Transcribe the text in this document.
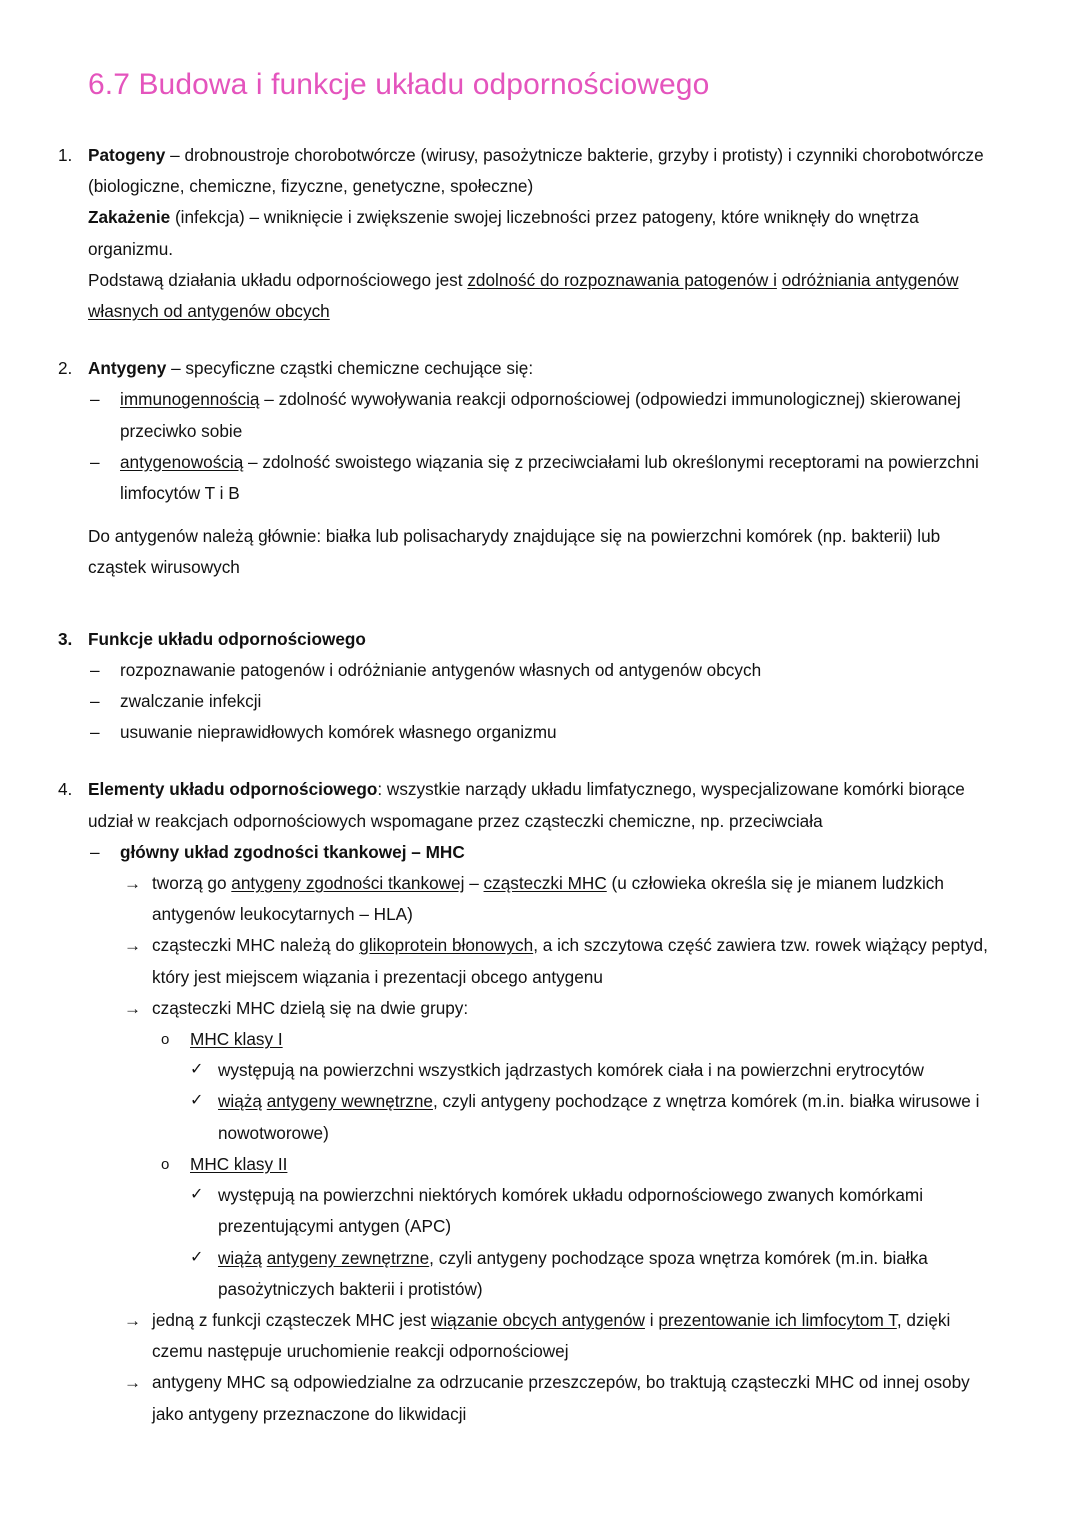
6.7 Budowa i funkcje układu odpornościowego
1. Patogeny – drobnoustroje chorobotwórcze (wirusy, pasożytnicze bakterie, grzyby i protisty) i czynniki chorobotwórcze (biologiczne, chemiczne, fizyczne, genetyczne, społeczne)

Zakażenie (infekcja) – wniknięcie i zwiększenie swojej liczebności przez patogeny, które wniknęły do wnętrza organizmu.

Podstawą działania układu odpornościowego jest zdolność do rozpoznawania patogenów i odróżniania antygenów własnych od antygenów obcych

2. Antygeny – specyficzne cząstki chemiczne cechujące się:

–	immunogennością – zdolność wywoływania reakcji odpornościowej (odpowiedzi immunologicznej) skierowanej przeciwko sobie

–	antygenowością – zdolność swoistego wiązania się z przeciwciałami lub określonymi receptorami na powierzchni limfocytów T i B

Do antygenów należą głównie: białka lub polisacharydy znajdujące się na powierzchni komórek (np. bakterii) lub cząstek wirusowych

3. Funkcje układu odpornościowego

–	rozpoznawanie patogenów i odróżnianie antygenów własnych od antygenów obcych

–	zwalczanie infekcji

–	usuwanie nieprawidłowych komórek własnego organizmu

4. Elementy układu odpornościowego: wszystkie narządy układu limfatycznego, wyspecjalizowane komórki biorące udział w reakcjach odpornościowych wspomagane przez cząsteczki chemiczne, np. przeciwciała

–	główny układ zgodności tkankowej – MHC

→ tworzą go antygeny zgodności tkankowej – cząsteczki MHC (u człowieka określa się je mianem ludzkich antygenów leukocytarnych – HLA)

→ cząsteczki MHC należą do glikoprotein błonowych, a ich szczytowa część zawiera tzw. rowek wiążący peptyd, który jest miejscem wiązania i prezentacji obcego antygenu

→ cząsteczki MHC dzielą się na dwie grupy:

o	MHC klasy I

✓ występują na powierzchni wszystkich jądrzastych komórek ciała i na powierzchni erytrocytów

✓ wiążą antygeny wewnętrzne, czyli antygeny pochodzące z wnętrza komórek (m.in. białka wirusowe i nowotworowe)

o	MHC klasy II

✓ występują na powierzchni niektórych komórek układu odpornościowego zwanych komórkami prezentującymi antygen (APC)

✓ wiążą antygeny zewnętrzne, czyli antygeny pochodzące spoza wnętrza komórek (m.in. białka pasożytniczych bakterii i protistów)

→ jedną z funkcji cząsteczek MHC jest wiązanie obcych antygenów i prezentowanie ich limfocytom T, dzięki czemu następuje uruchomienie reakcji odpornościowej

→ antygeny MHC są odpowiedzialne za odrzucanie przeszczepów, bo traktują cząsteczki MHC od innej osoby jako antygeny przeznaczone do likwidacji
